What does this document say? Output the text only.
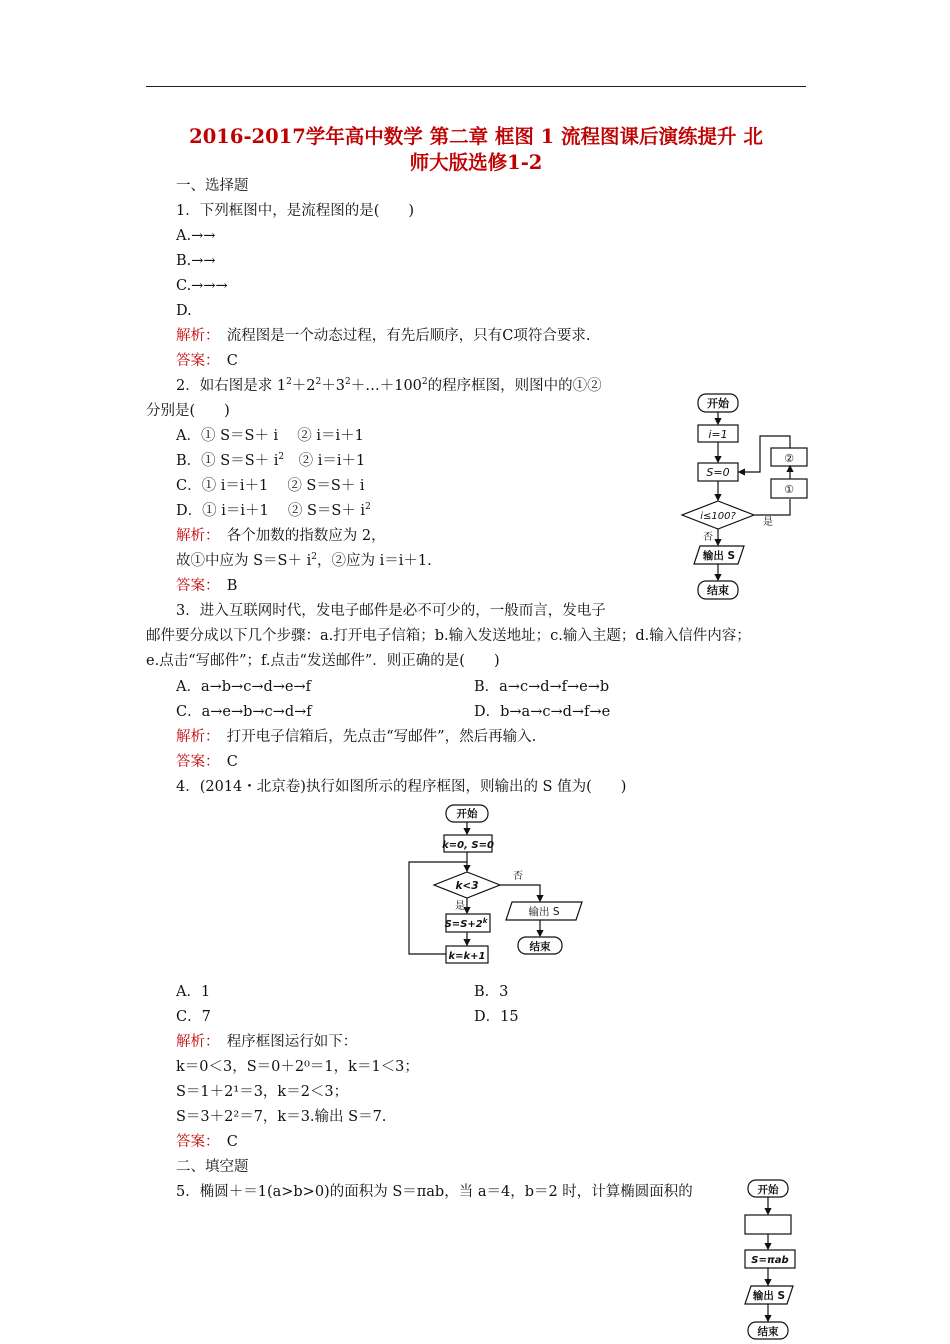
2016-2017学年高中数学 第二章 框图 1 流程图课后演练提升 北
师大版选修1-2
一、选择题
1．下列框图中，是流程图的是(　　)
A.→→
B.→→
C.→→→
D.
解析：　 流程图是一个动态过程，有先后顺序，只有C项符合要求.
答案：　 C
2．如右图是求 $1^2+2^2+3^2+\dots+100^2$的程序框图，则图中的①②
分别是(　　)
A．① S＝S＋ i　 ② i＝i＋1
B．① $S=S+ i^2$　② i＝i＋1
C．① i＝i＋1　 ② S＝S＋ i
D．① i＝i＋1　 ② $S=S+ i^2$
解析：　 各个加数的指数应为 2，
故①中应为 $S=S+ i^2$，②应为 i＝i＋1.
答案：　 B
开始
i=1
S=0
i≤100?
否
是
②
①
输出 S
结束
3．进入互联网时代，发电子邮件是必不可少的，一般而言，发电子
邮件要分成以下几个步骤：a.打开电子信箱；b.输入发送地址；c.输入主题；d.输入信件内容；
e.点击“写邮件”；f.点击“发送邮件”．则正确的是(　　)
A．a→b→c→d→e→f	B．a→c→d→f→e→b
C．a→e→b→c→d→f	D．b→a→c→d→f→e
解析：　 打开电子信箱后，先点击“写邮件”，然后再输入.
答案：　 C
4．(2014・北京卷)执行如图所示的程序框图，则输出的 S 值为(　　)
开始
k=0, S=0
k<3
否
是
$S=S+2^k$
k=k+1
输出 S
结束
A．1	B．3
C．7	D．15
解析：　 程序框图运行如下：
k＝0＜3，S＝0＋2⁰＝1，k＝1＜3；
S＝1＋2¹＝3，k＝2＜3；
S＝3＋2²＝7，k＝3.输出 S＝7.
答案：　 C
二、填空题
5．椭圆＋＝1(a>b>0)的面积为 S＝πab，当 a＝4，b＝2 时，计算椭圆面积的	开始
S=πab
输出 S
结束
